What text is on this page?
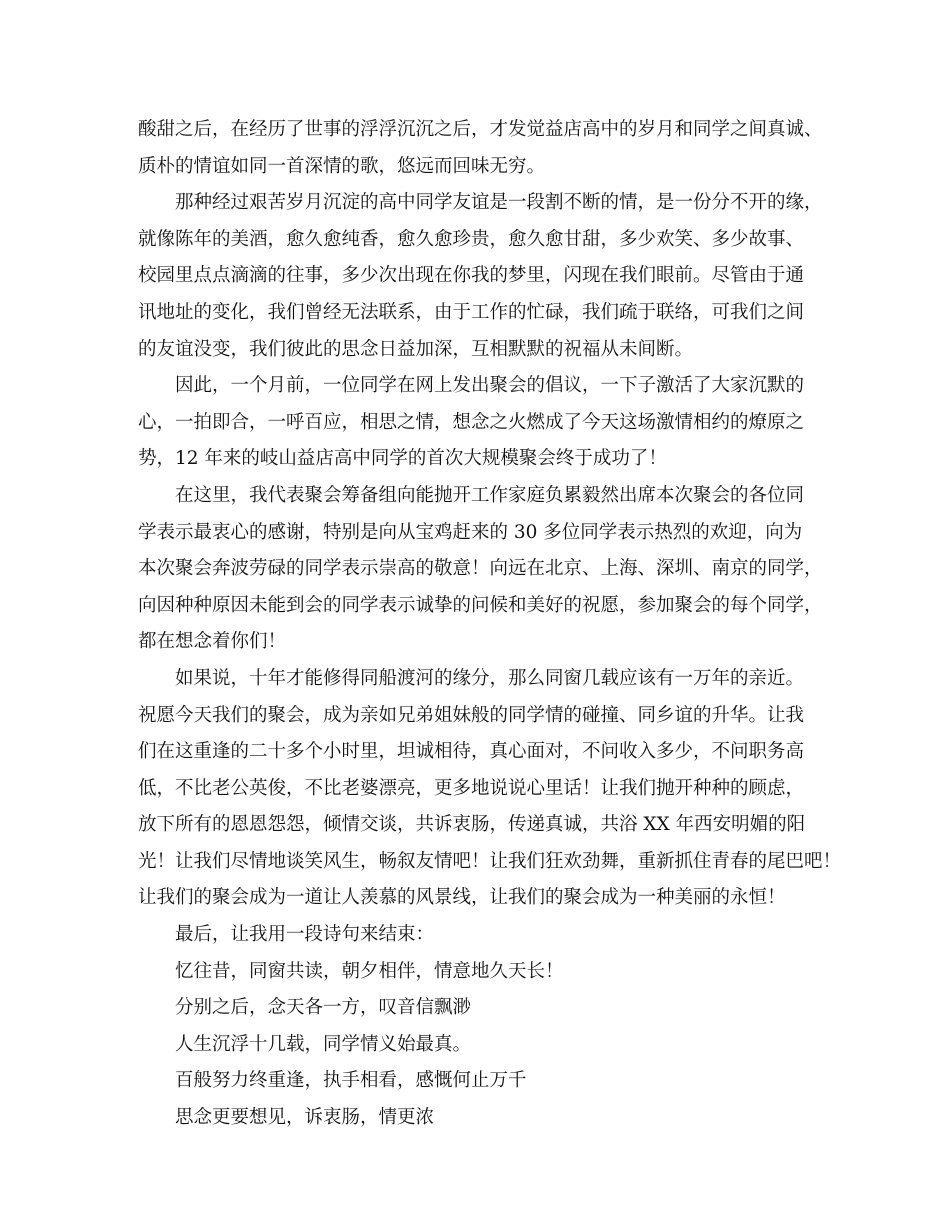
酸甜之后，在经历了世事的浮浮沉沉之后，才发觉益店高中的岁月和同学之间真诚、
质朴的情谊如同一首深情的歌，悠远而回味无穷。
那种经过艰苦岁月沉淀的高中同学友谊是一段割不断的情，是一份分不开的缘，
就像陈年的美酒，愈久愈纯香，愈久愈珍贵，愈久愈甘甜，多少欢笑、多少故事、
校园里点点滴滴的往事，多少次出现在你我的梦里，闪现在我们眼前。尽管由于通
讯地址的变化，我们曾经无法联系，由于工作的忙碌，我们疏于联络，可我们之间
的友谊没变，我们彼此的思念日益加深，互相默默的祝福从未间断。
因此，一个月前，一位同学在网上发出聚会的倡议，一下子激活了大家沉默的
心，一拍即合，一呼百应，相思之情，想念之火燃成了今天这场激情相约的燎原之
势，12 年来的岐山益店高中同学的首次大规模聚会终于成功了！
在这里，我代表聚会筹备组向能抛开工作家庭负累毅然出席本次聚会的各位同
学表示最衷心的感谢，特别是向从宝鸡赶来的 30 多位同学表示热烈的欢迎，向为
本次聚会奔波劳碌的同学表示崇高的敬意！向远在北京、上海、深圳、南京的同学，
向因种种原因未能到会的同学表示诚挚的问候和美好的祝愿，参加聚会的每个同学，
都在想念着你们！
如果说，十年才能修得同船渡河的缘分，那么同窗几载应该有一万年的亲近。
祝愿今天我们的聚会，成为亲如兄弟姐妹般的同学情的碰撞、同乡谊的升华。让我
们在这重逢的二十多个小时里，坦诚相待，真心面对，不问收入多少，不问职务高
低，不比老公英俊，不比老婆漂亮，更多地说说心里话！让我们抛开种种的顾虑，
放下所有的恩恩怨怨，倾情交谈，共诉衷肠，传递真诚，共浴 XX 年西安明媚的阳
光！让我们尽情地谈笑风生，畅叙友情吧！让我们狂欢劲舞，重新抓住青春的尾巴吧！
让我们的聚会成为一道让人羡慕的风景线，让我们的聚会成为一种美丽的永恒！
最后，让我用一段诗句来结束：
忆往昔，同窗共读，朝夕相伴，情意地久天长！
分别之后，念天各一方，叹音信飘渺
人生沉浮十几载，同学情义始最真。
百般努力终重逢，执手相看，感慨何止万千
思念更要想见，诉衷肠，情更浓
